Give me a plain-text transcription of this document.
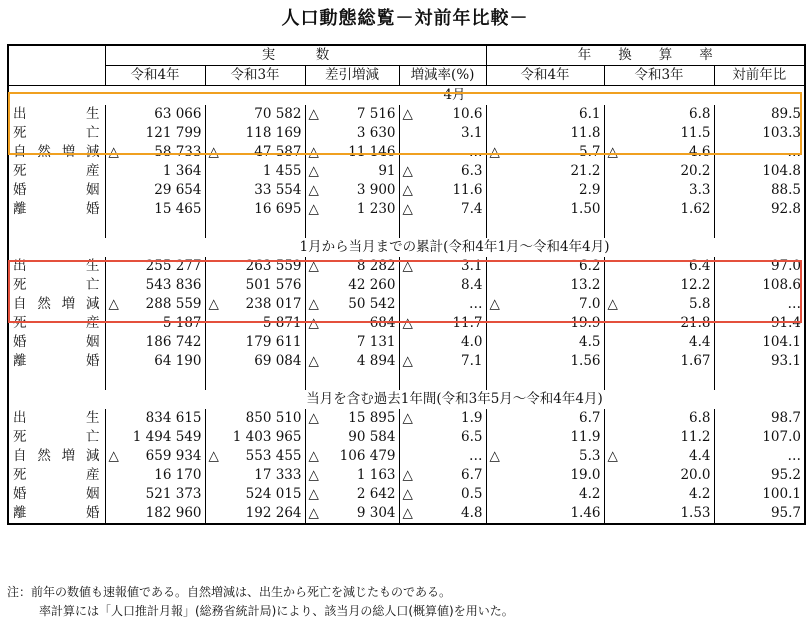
人口動態総覧－対前年比較－
	実　　　数				年　　換　　算　　率		
	令和4年	令和3年	差引増減	増減率(%)	令和4年	令和3年	対前年比
	4月						
出生	63 066	70 582	△ 7 516	△ 10.6	6.1	6.8	89.5
死亡	121 799	118 169	3 630	3.1	11.8	11.5	103.3
自然増減	△ 58 733	△ 47 587	△ 11 146	…	△ 5.7	△ 4.6	…
死産	1 364	1 455	△ 91	△ 6.3	21.2	20.2	104.8
婚姻	29 654	33 554	△ 3 900	△ 11.6	2.9	3.3	88.5
離婚	15 465	16 695	△ 1 230	△ 7.4	1.50	1.62	92.8

	1月から当月までの累計(令和4年1月～令和4年4月)						
出生	255 277	263 559	△ 8 282	△ 3.1	6.2	6.4	97.0
死亡	543 836	501 576	42 260	8.4	13.2	12.2	108.6
自然増減	△ 288 559	△ 238 017	△ 50 542	…	△ 7.0	△ 5.8	…
死産	5 187	5 871	△ 684	△ 11.7	19.9	21.8	91.4
婚姻	186 742	179 611	7 131	4.0	4.5	4.4	104.1
離婚	64 190	69 084	△ 4 894	△ 7.1	1.56	1.67	93.1

	当月を含む過去1年間(令和3年5月～令和4年4月)						
出生	834 615	850 510	△ 15 895	△ 1.9	6.7	6.8	98.7
死亡	1 494 549	1 403 965	90 584	6.5	11.9	11.2	107.0
自然増減	△ 659 934	△ 553 455	△ 106 479	…	△ 5.3	△ 4.4	…
死産	16 170	17 333	△ 1 163	△ 6.7	19.0	20.0	95.2
婚姻	521 373	524 015	△ 2 642	△ 0.5	4.2	4.2	100.1
離婚	182 960	192 264	△ 9 304	△ 4.8	1.46	1.53	95.7
注：前年の数値も速報値である。自然増減は、出生から死亡を減じたものである。
率計算には「人口推計月報」(総務省統計局)により、該当月の総人口(概算値)を用いた。
